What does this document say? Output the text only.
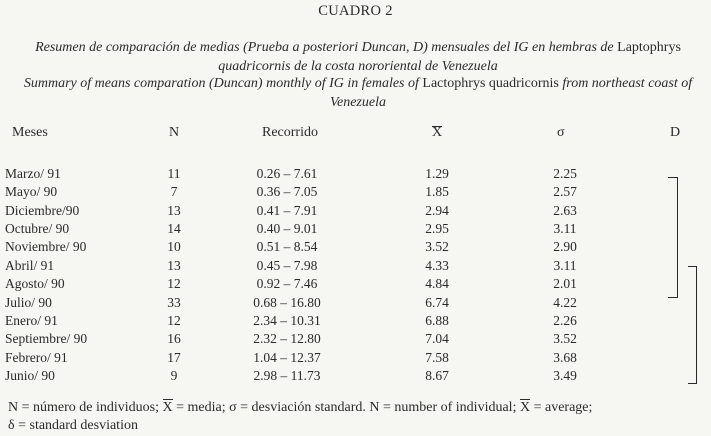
CUADRO 2
Resumen de comparación de medias (Prueba a posteriori Duncan, D) mensuales del IG en hembras de Laptophrys quadricornis de la costa nororiental de Venezuela
Summary of means comparation (Duncan) monthly of IG in females of Lactophrys quadricornis from northeast coast of Venezuela
Meses	N	Recorrido	X	σ	D
Marzo/ 91	11	0.26 – 7.61	1.29	2.25
Mayo/ 90	7	0.36 – 7.05	1.85	2.57
Diciembre/90	13	0.41 – 7.91	2.94	2.63
Octubre/ 90	14	0.40 – 9.01	2.95	3.11
Noviembre/ 90	10	0.51 – 8.54	3.52	2.90
Abril/ 91	13	0.45 – 7.98	4.33	3.11
Agosto/ 90	12	0.92 – 7.46	4.84	2.01
Julio/ 90	33	0.68 – 16.80	6.74	4.22
Enero/ 91	12	2.34 – 10.31	6.88	2.26
Septiembre/ 90	16	2.32 – 12.80	7.04	3.52
Febrero/ 91	17	1.04 – 12.37	7.58	3.68
Junio/ 90	9	2.98 – 11.73	8.67	3.49
N = número de individuos; X = media; σ = desviación standard. N = number of individual; X = average;
δ = standard desviation
